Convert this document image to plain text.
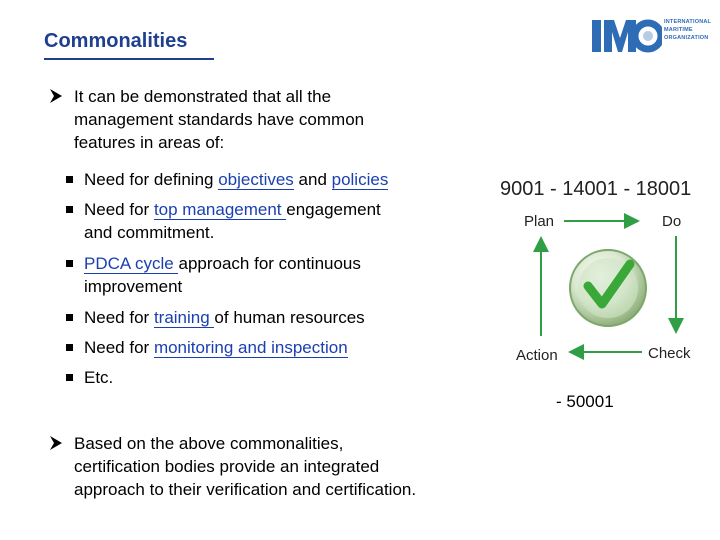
Commonalities
INTERNATIONAL
MARITIME
ORGANIZATION
It can be demonstrated that all the
management standards have common
features in areas of:
Need for defining objectives and policies
Need for top management engagement
and commitment.
PDCA cycle approach for continuous
improvement
Need for training of human resources
Need for monitoring and inspection
Etc.
Based on the above commonalities,
certification bodies provide an integrated
approach to their verification and certification.
9001 - 14001 - 18001
Plan	Do
Check
Action
- 50001
